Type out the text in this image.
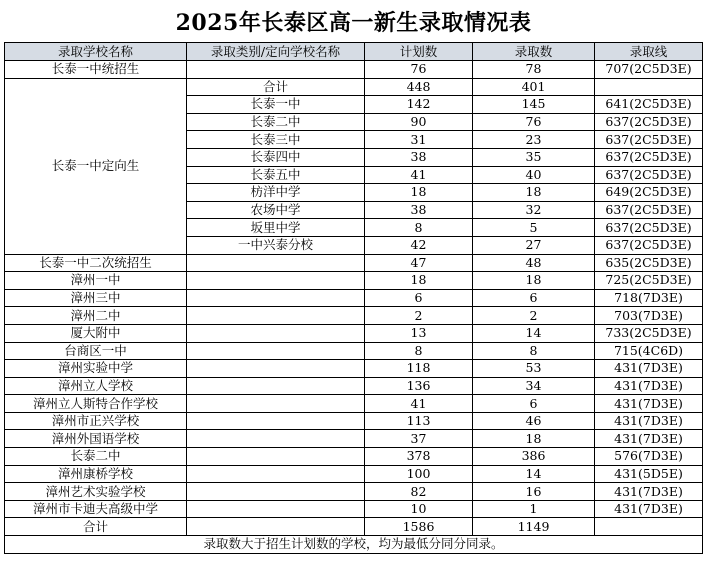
2025年长泰区高一新生录取情况表
录取学校名称	录取类别/定向学校名称	计划数	录取数	录取线
长泰一中统招生		76	78	707(2C5D3E)
长泰一中定向生	合计	448	401	
	长泰一中	142	145	641(2C5D3E)
	长泰二中	90	76	637(2C5D3E)
	长泰三中	31	23	637(2C5D3E)
	长泰四中	38	35	637(2C5D3E)
	长泰五中	41	40	637(2C5D3E)
	枋洋中学	18	18	649(2C5D3E)
	农场中学	38	32	637(2C5D3E)
	坂里中学	8	5	637(2C5D3E)
	一中兴泰分校	42	27	637(2C5D3E)
长泰一中二次统招生		47	48	635(2C5D3E)
漳州一中		18	18	725(2C5D3E)
漳州三中		6	6	718(7D3E)
漳州二中		2	2	703(7D3E)
厦大附中		13	14	733(2C5D3E)
台商区一中		8	8	715(4C6D)
漳州实验中学		118	53	431(7D3E)
漳州立人学校		136	34	431(7D3E)
漳州立人斯特合作学校		41	6	431(7D3E)
漳州市正兴学校		113	46	431(7D3E)
漳州外国语学校		37	18	431(7D3E)
长泰二中		378	386	576(7D3E)
漳州康桥学校		100	14	431(5D5E)
漳州艺术实验学校		82	16	431(7D3E)
漳州市卡迪夫高级中学		10	1	431(7D3E)
合计		1586	1149	
录取数大于招生计划数的学校，均为最低分同分同录。				
